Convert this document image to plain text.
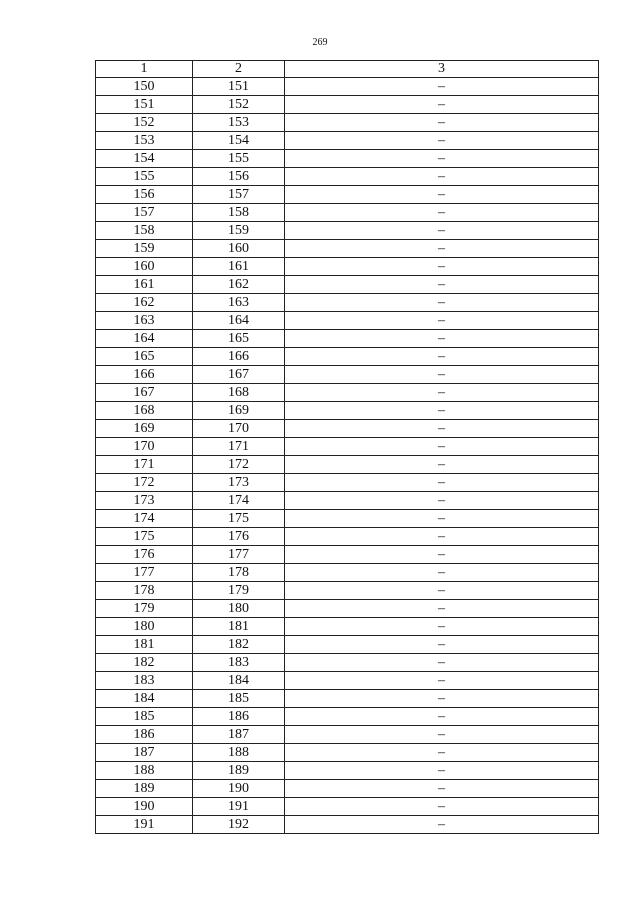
269
1	2	3
150	151	–
151	152	–
152	153	–
153	154	–
154	155	–
155	156	–
156	157	–
157	158	–
158	159	–
159	160	–
160	161	–
161	162	–
162	163	–
163	164	–
164	165	–
165	166	–
166	167	–
167	168	–
168	169	–
169	170	–
170	171	–
171	172	–
172	173	–
173	174	–
174	175	–
175	176	–
176	177	–
177	178	–
178	179	–
179	180	–
180	181	–
181	182	–
182	183	–
183	184	–
184	185	–
185	186	–
186	187	–
187	188	–
188	189	–
189	190	–
190	191	–
191	192	–
